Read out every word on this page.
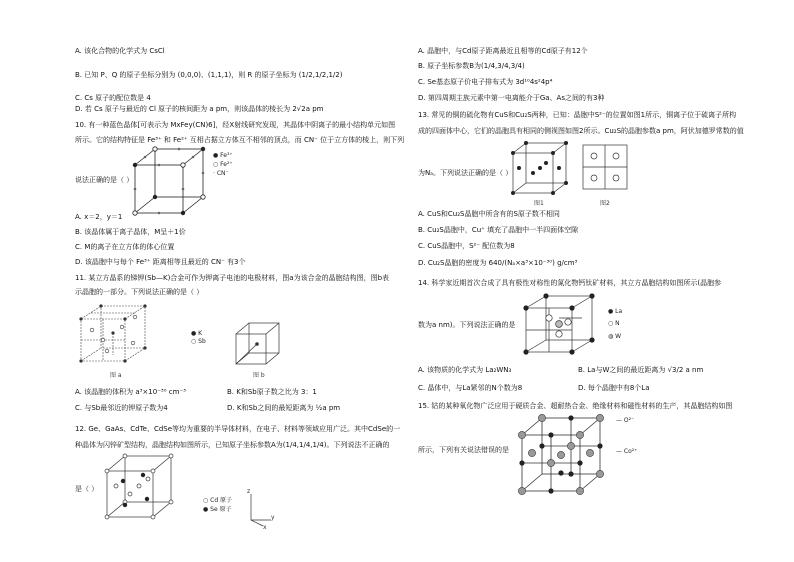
A. 该化合物的化学式为 CsCl
B. 已知 P、Q 的原子坐标分别为 (0,0,0)、(1,1,1)，则 R 的原子坐标为 (1/2,1/2,1/2)
C. Cs 原子的配位数是 4
D. 若 Cs 原子与最近的 Cl 原子的核间距为 a pm，则该晶体的棱长为 2√2a pm
10. 有一种蓝色晶体[可表示为 MxFey(CN)6]，经X射线研究发现，其晶体中阴离子的最小结构单元如图
所示。它的结构特征是 Fe³⁺ 和 Fe²⁺ 互相占据立方体互不相邻的顶点，而 CN⁻ 位于立方体的棱上，则下列
● Fe³⁺
○ Fe²⁺
· CN⁻
说法正确的是（ ）
A. x＝2，y＝1
B. 该晶体属于离子晶体，M呈＋1价
C. M的离子在立方体的体心位置
D. 该晶胞中与每个 Fe³⁺ 距离相等且最近的 CN⁻ 有3个
11. 某立方晶系的锑钾(Sb—K)合金可作为钾离子电池的电极材料，图a为该合金的晶胞结构图，图b表
示晶胞的一部分。下列说法正确的是（ ）
图 a
● K
○ Sb
图 b
A. 该晶胞的体积为 a³×10⁻³⁰ cm⁻³	B. K和Sb原子数之比为 3：1
C. 与Sb最邻近的钾原子数为4	D. K和Sb之间的最短距离为 ½a pm
12. Ge、GaAs、CdTe、CdSe等均为重要的半导体材料，在电子、材料等领域应用广泛。其中CdSe的一
种晶体为闪锌矿型结构，晶胞结构如图所示，已知原子坐标参数A为(1/4,1/4,1/4)。下列说法不正确的
○ Cd 原子
● Se 原子
z
y
x
是（ ）
A. 晶胞中，与Cd原子距离最近且相等的Cd原子有12个
B. 原子坐标参数B为(1/4,3/4,3/4)
C. Se基态原子价电子排布式为 3d¹⁰4s²4p⁴
D. 第四周期主族元素中第一电离能介于Ga、As之间的有3种
13. 常见的铜的硫化物有CuS和Cu₂S两种，已知：晶胞中S²⁻的位置如图1所示，铜离子位于硫离子所构
成的四面体中心，它们的晶胞具有相同的侧视图如图2所示。Cu₂S的晶胞参数a pm，阿伏加德罗常数的值
图1	图2
为Nₐ。下列说法正确的是（ ）
A. CuS和Cu₂S晶胞中所含有的S原子数不相同
B. Cu₂S晶胞中，Cu⁺ 填充了晶胞中一半四面体空隙
C. CuS晶胞中，S²⁻ 配位数为8
D. Cu₂S晶胞的密度为 640/(Nₐ×a³×10⁻³⁰) g/cm³
14. 科学家近期首次合成了具有极性对称性的氮化物钙钛矿材料，其立方晶胞结构如图所示(晶胞参
● La
○ N
◍ W
数为a nm)。下列说法正确的是
A. 该物质的化学式为 La₂WN₃	B. La与W之间的最近距离为 √3/2 a nm
C. 晶体中，与La紧邻的N个数为8	D. 每个晶胞中有8个La
15. 钴的某种氧化物广泛应用于硬质合金、超耐热合金、绝缘材料和磁性材料的生产，其晶胞结构如图
— O²⁻
— Co²⁺
所示，下列有关说法错误的是
